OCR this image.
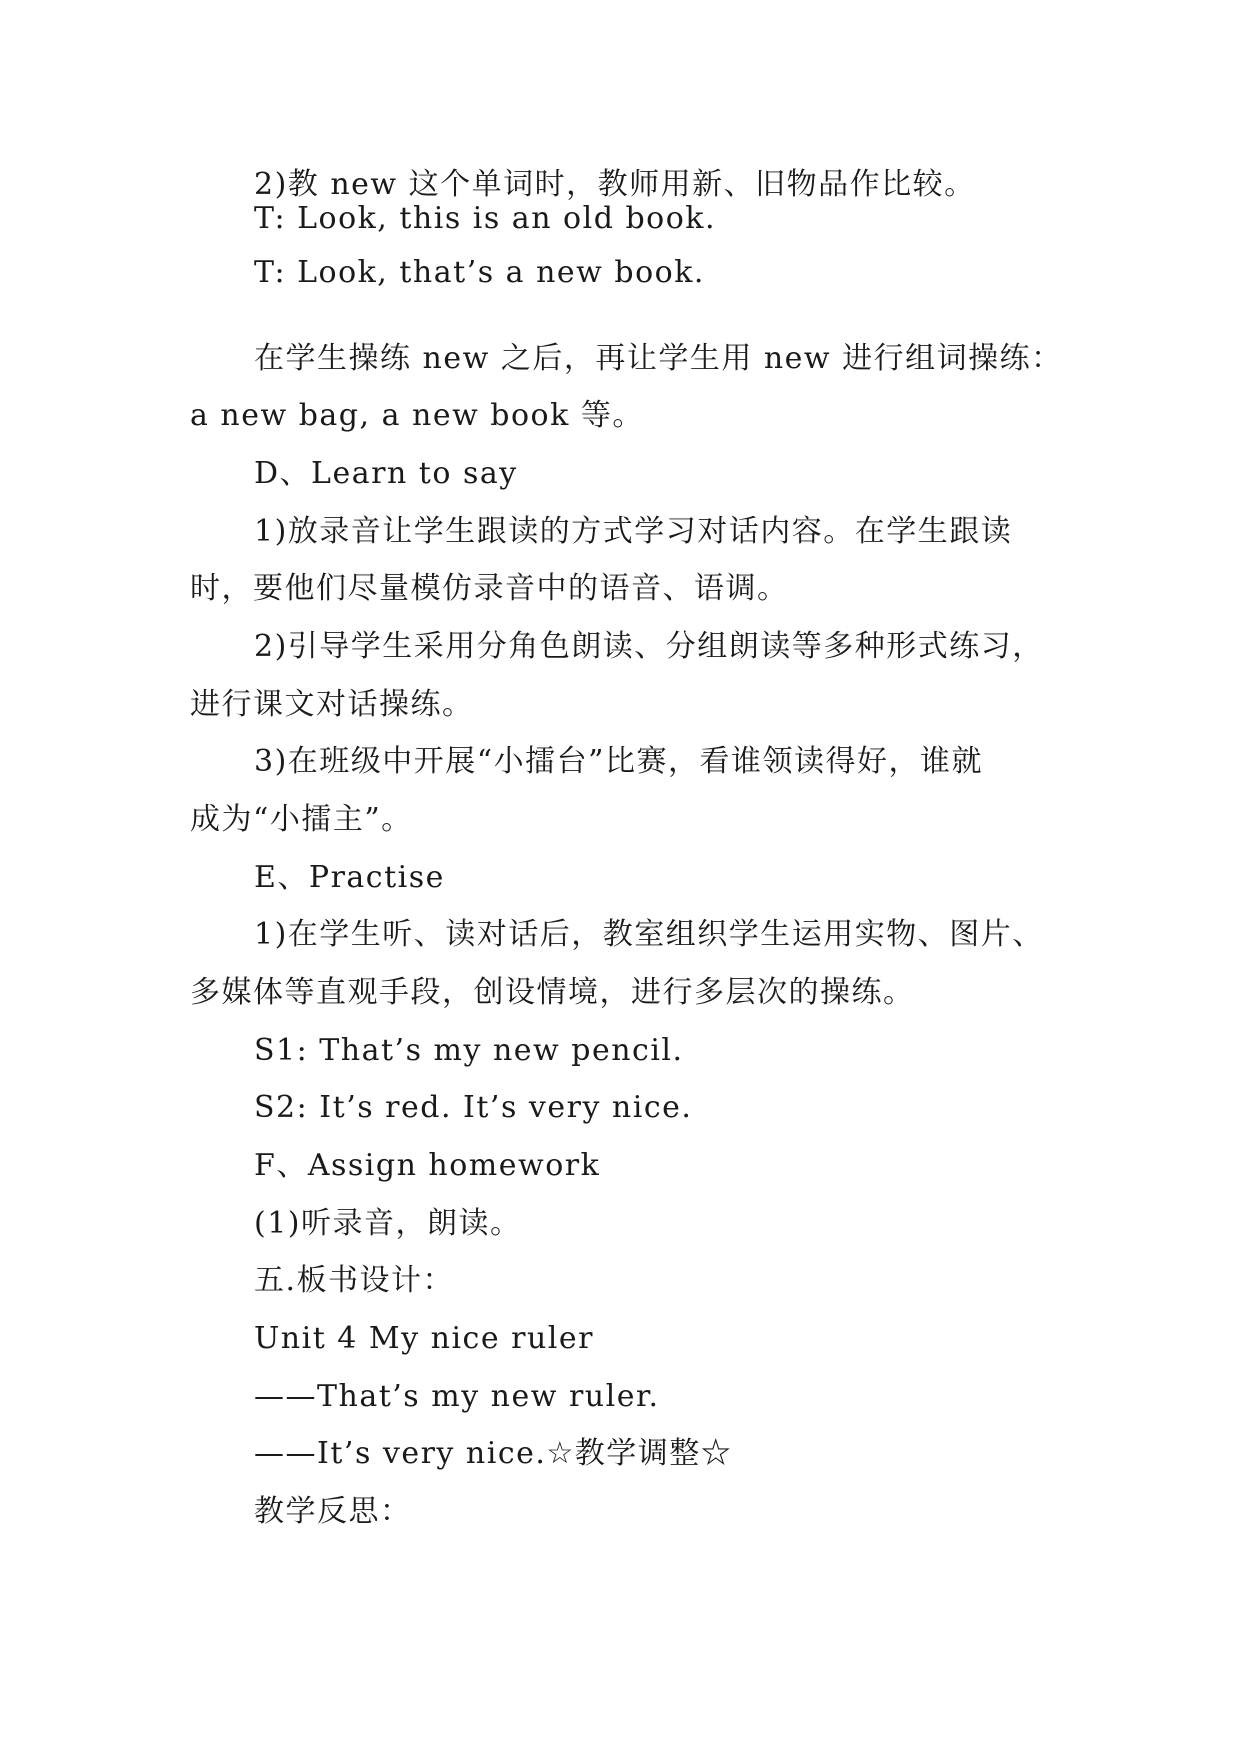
2)教 new 这个单词时，教师用新、旧物品作比较。
T: Look, this is an old book.
T: Look, that’s a new book.
在学生操练 new 之后，再让学生用 new 进行组词操练：
a new bag, a new book 等。
D、Learn to say
1)放录音让学生跟读的方式学习对话内容。在学生跟读
时，要他们尽量模仿录音中的语音、语调。
2)引导学生采用分角色朗读、分组朗读等多种形式练习，
进行课文对话操练。
3)在班级中开展“小擂台”比赛，看谁领读得好，谁就
成为“小擂主”。
E、Practise
1)在学生听、读对话后，教室组织学生运用实物、图片、
多媒体等直观手段，创设情境，进行多层次的操练。
S1: That’s my new pencil.
S2: It’s red. It’s very nice.
F、Assign homework
(1)听录音，朗读。
五.板书设计：
Unit 4 My nice ruler
——That’s my new ruler.
——It’s very nice.☆教学调整☆
教学反思：
